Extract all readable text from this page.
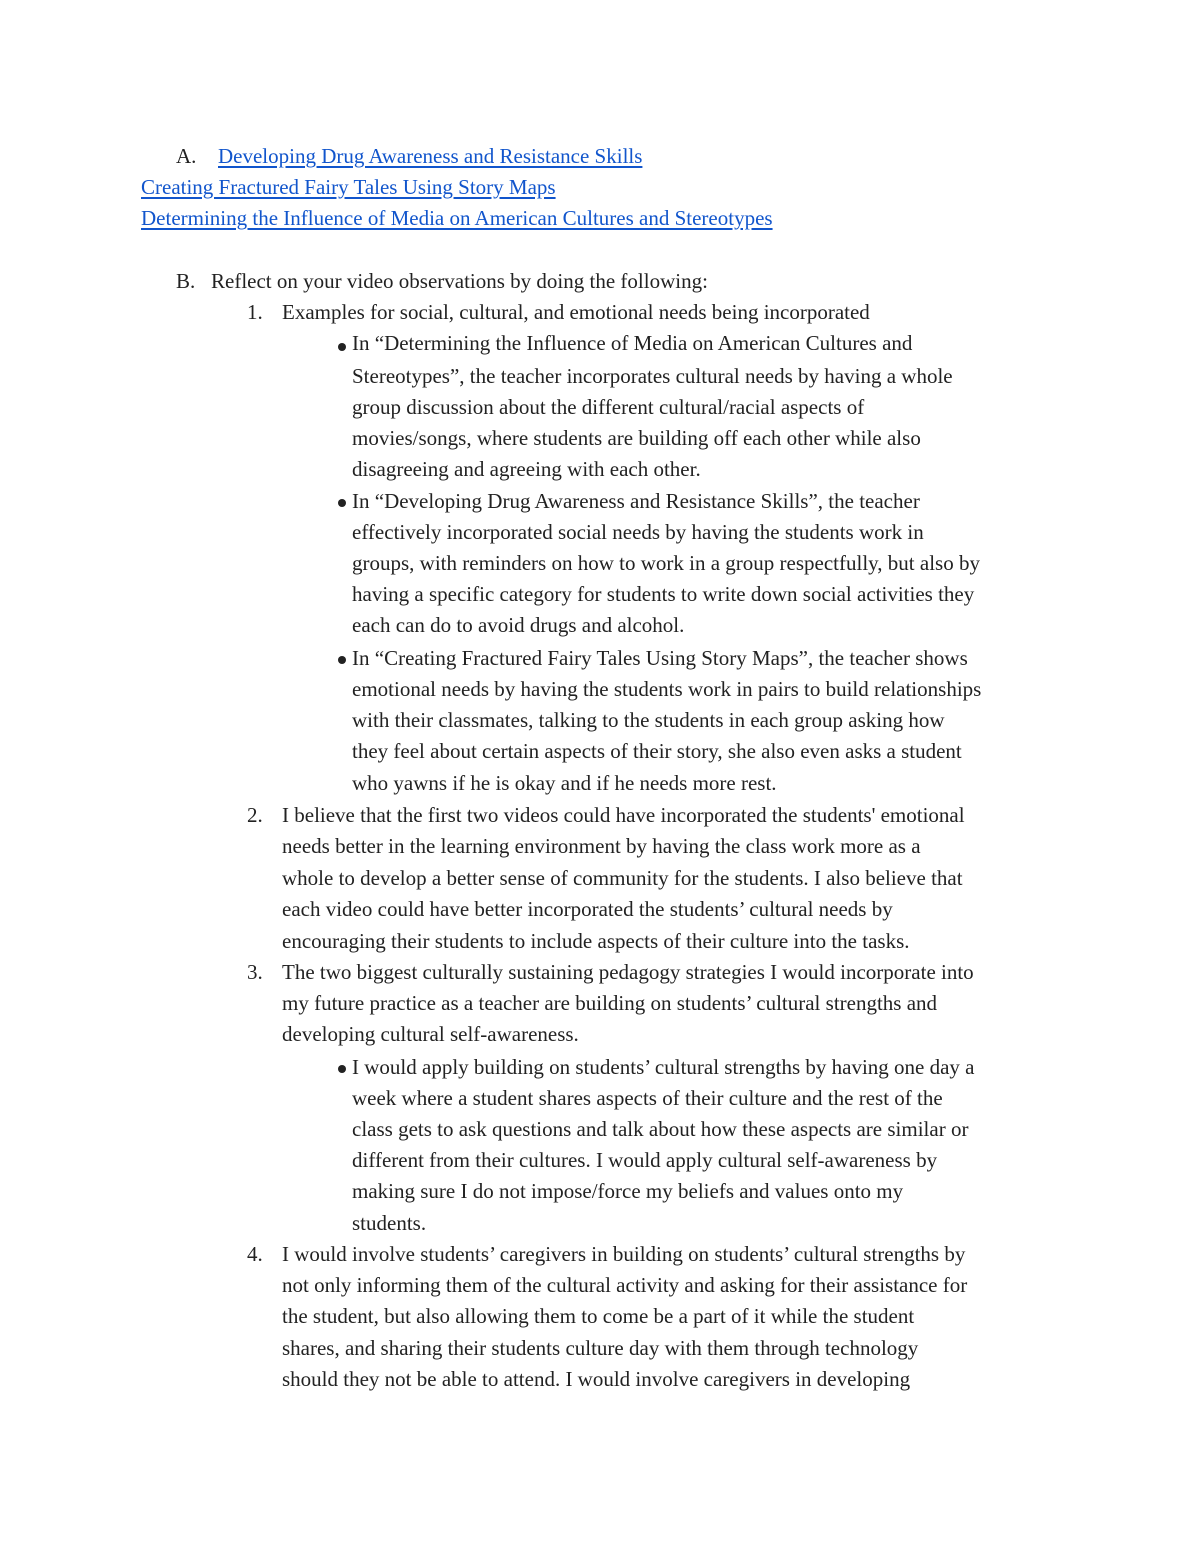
A. Developing Drug Awareness and Resistance Skills
Creating Fractured Fairy Tales Using Story Maps
Determining the Influence of Media on American Cultures and Stereotypes
B. Reflect on your video observations by doing the following:
1. Examples for social, cultural, and emotional needs being incorporated
In “Determining the Influence of Media on American Cultures and
Stereotypes”, the teacher incorporates cultural needs by having a whole
group discussion about the different cultural/racial aspects of
movies/songs, where students are building off each other while also
disagreeing and agreeing with each other.
In “Developing Drug Awareness and Resistance Skills”, the teacher
effectively incorporated social needs by having the students work in
groups, with reminders on how to work in a group respectfully, but also by
having a specific category for students to write down social activities they
each can do to avoid drugs and alcohol.
In “Creating Fractured Fairy Tales Using Story Maps”, the teacher shows
emotional needs by having the students work in pairs to build relationships
with their classmates, talking to the students in each group asking how
they feel about certain aspects of their story, she also even asks a student
who yawns if he is okay and if he needs more rest.
2. I believe that the first two videos could have incorporated the students' emotional
needs better in the learning environment by having the class work more as a
whole to develop a better sense of community for the students. I also believe that
each video could have better incorporated the students’ cultural needs by
encouraging their students to include aspects of their culture into the tasks.
3. The two biggest culturally sustaining pedagogy strategies I would incorporate into
my future practice as a teacher are building on students’ cultural strengths and
developing cultural self-awareness.
I would apply building on students’ cultural strengths by having one day a
week where a student shares aspects of their culture and the rest of the
class gets to ask questions and talk about how these aspects are similar or
different from their cultures. I would apply cultural self-awareness by
making sure I do not impose/force my beliefs and values onto my
students.
4. I would involve students’ caregivers in building on students’ cultural strengths by
not only informing them of the cultural activity and asking for their assistance for
the student, but also allowing them to come be a part of it while the student
shares, and sharing their students culture day with them through technology
should they not be able to attend. I would involve caregivers in developing
